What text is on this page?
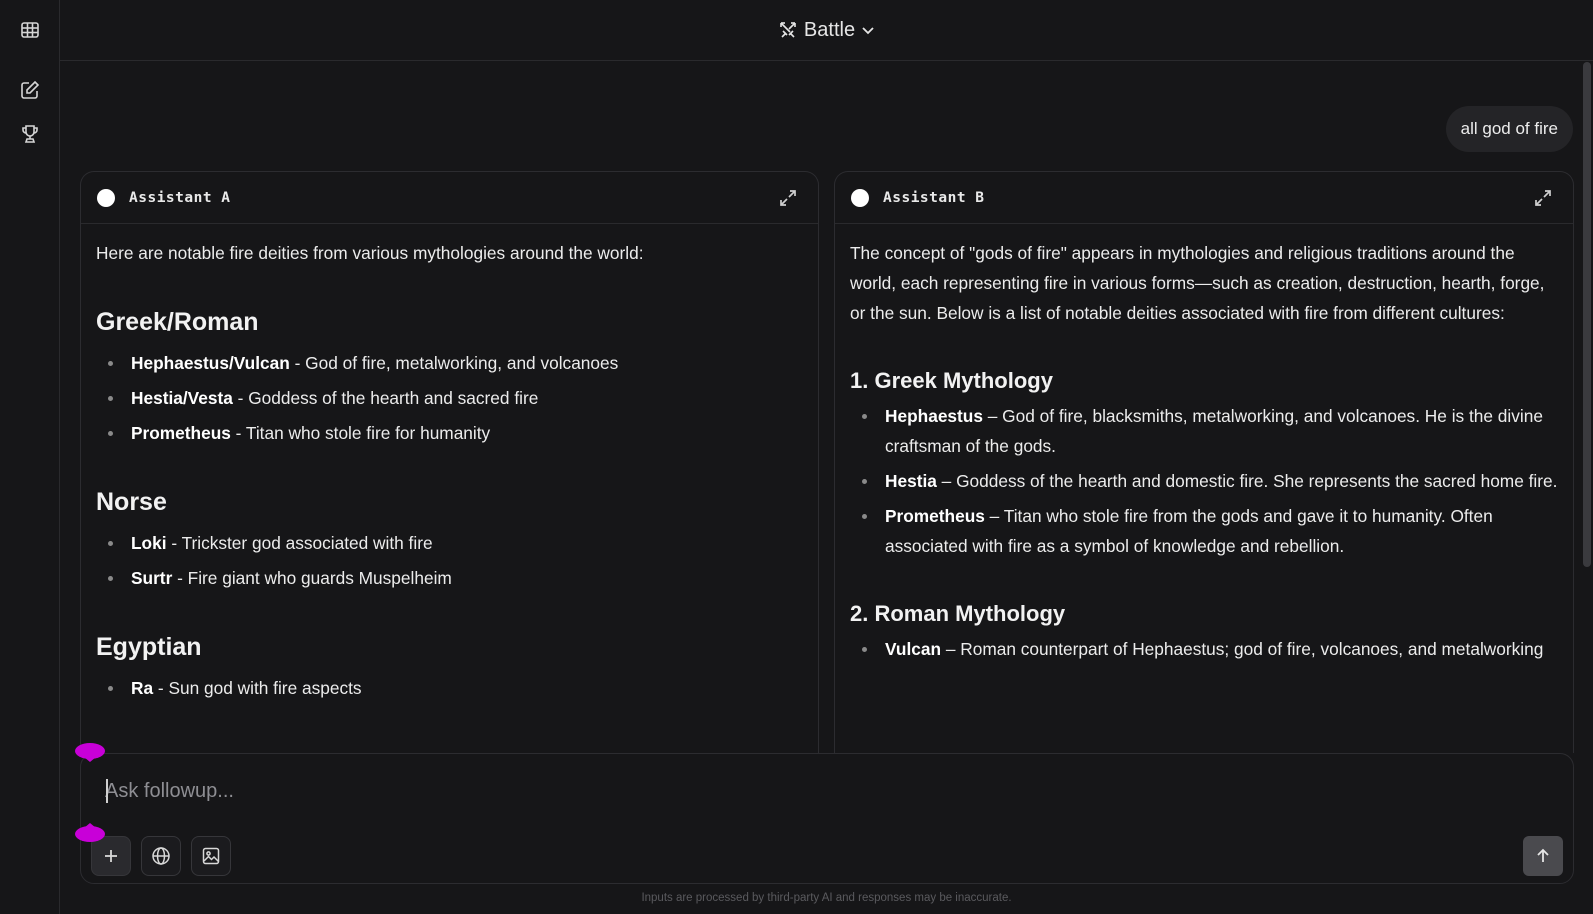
Battle
all god of fire
Assistant A

Here are notable fire deities from various mythologies around the world:

Greek/Roman
Hephaestus/Vulcan - God of fire, metalworking, and volcanoes
Hestia/Vesta - Goddess of the hearth and sacred fire
Prometheus - Titan who stole fire for humanity
Norse
Loki - Trickster god associated with fire
Surtr - Fire giant who guards Muspelheim
Egyptian
Ra - Sun god with fire aspects
Assistant B

The concept of "gods of fire" appears in mythologies and religious traditions around the world, each representing fire in various forms—such as creation, destruction, hearth, forge, or the sun. Below is a list of notable deities associated with fire from different cultures:

1. Greek Mythology
Hephaestus – God of fire, blacksmiths, metalworking, and volcanoes. He is the divine craftsman of the gods.
Hestia – Goddess of the hearth and domestic fire. She represents the sacred home fire.
Prometheus – Titan who stole fire from the gods and gave it to humanity. Often associated with fire as a symbol of knowledge and rebellion.
2. Roman Mythology
Vulcan – Roman counterpart of Hephaestus; god of fire, volcanoes, and metalworking
Ask followup...
Inputs are processed by third-party AI and responses may be inaccurate.
